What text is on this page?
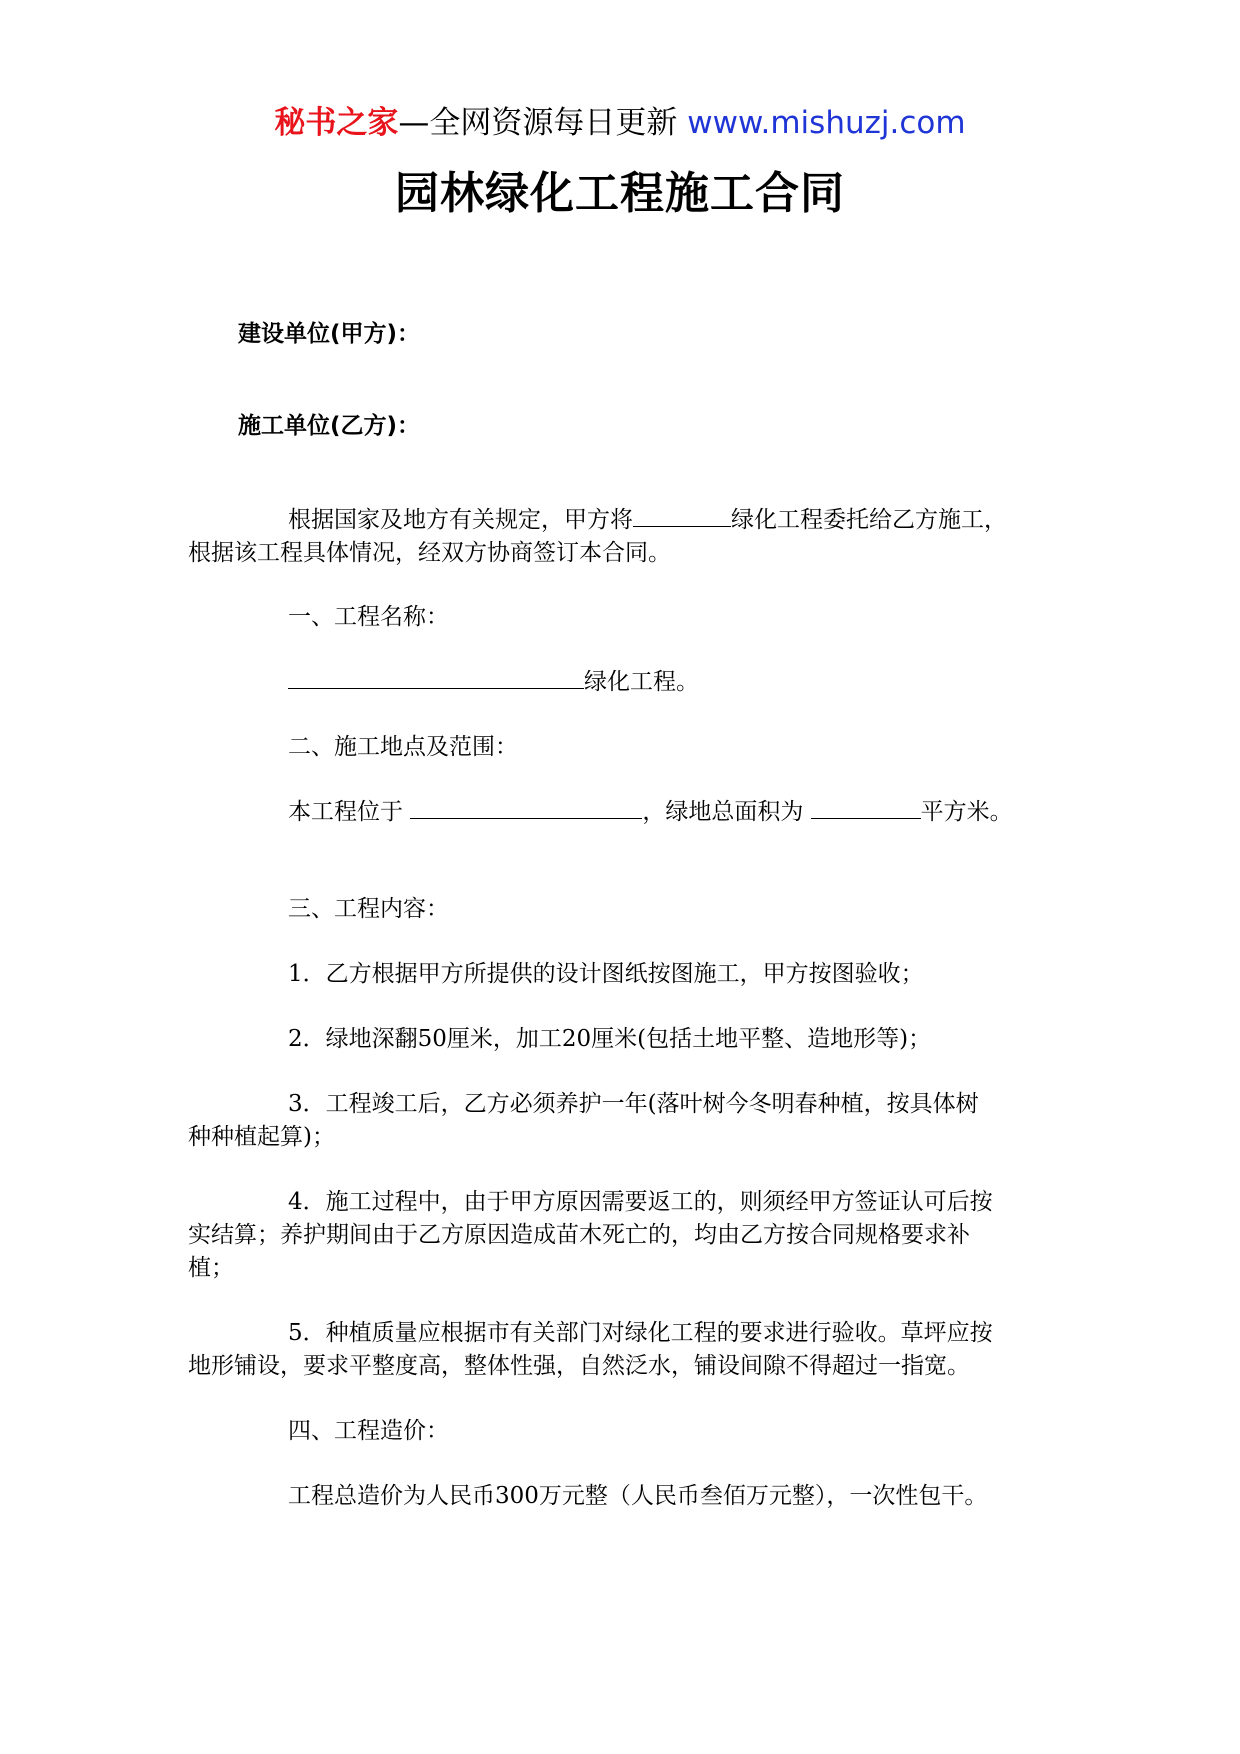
秘书之家—全网资源每日更新 www.mishuzj.com
园林绿化工程施工合同
建设单位(甲方)：
施工单位(乙方)：
根据国家及地方有关规定，甲方将	绿化工程委托给乙方施工，
根据该工程具体情况，经双方协商签订本合同。
一、工程名称：
绿化工程。
二、施工地点及范围：
本工程位于	，绿地总面积为	平方米。
三、工程内容：
1．乙方根据甲方所提供的设计图纸按图施工，甲方按图验收；
2．绿地深翻50厘米，加工20厘米(包括土地平整、造地形等)；
3．工程竣工后，乙方必须养护一年(落叶树今冬明春种植，按具体树
种种植起算)；
4．施工过程中，由于甲方原因需要返工的，则须经甲方签证认可后按
实结算；养护期间由于乙方原因造成苗木死亡的，均由乙方按合同规格要求补
植；
5．种植质量应根据市有关部门对绿化工程的要求进行验收。草坪应按
地形铺设，要求平整度高，整体性强，自然泛水，铺设间隙不得超过一指宽。
四、工程造价：
工程总造价为人民币300万元整（人民币叁佰万元整），一次性包干。
